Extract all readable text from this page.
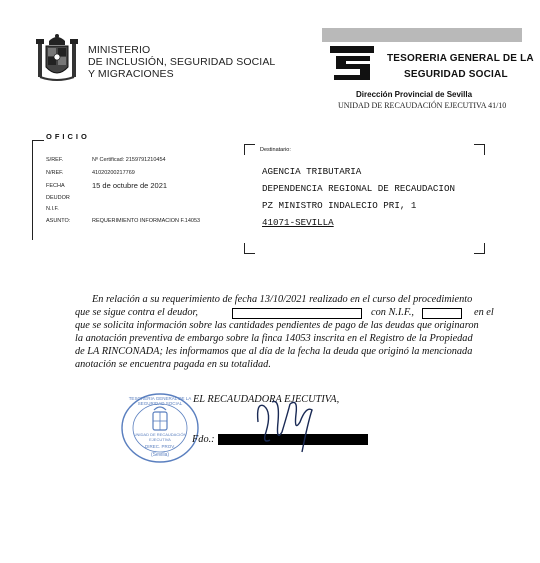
MINISTERIO
DE INCLUSIÓN, SEGURIDAD SOCIAL
Y MIGRACIONES
TESORERIA GENERAL DE LA
SEGURIDAD SOCIAL
Dirección Provincial de Sevilla
UNIDAD DE RECAUDACIÓN EJECUTIVA 41/10
OFICIO
S/REF.	Nº Certificad: 2159791210454
N/REF.	41020200217769
FECHA	15 de octubre de 2021
DEUDOR
N.I.F.
ASUNTO:	REQUERIMIENTO INFORMACION F.14053
Destinatario:
AGENCIA TRIBUTARIA
DEPENDENCIA REGIONAL DE RECAUDACION
PZ MINISTRO INDALECIO PRI, 1
41071-SEVILLA
En relación a su requerimiento de fecha 13/10/2021 realizado en el curso del procedimiento
que se sigue contra el deudor,	con N.I.F.,	en el
que se solicita información sobre las cantidades pendientes de pago de las deudas que originaron
la anotación preventiva de embargo sobre la finca 14053 inscrita en el Registro de la Propiedad
de LA RINCONADA; les informamos que al día de la fecha la deuda que originó la mencionada
anotación se encuentra pagada en su totalidad.
TESORERIA GENERAL DE LA SEGURIDAD SOCIAL
UNIDAD DE RECAUDACIÓN EJECUTIVA
DIREC. PROV.
(Sevilla)
EL RECAUDADORA EJECUTIVA,
Fdo.:
